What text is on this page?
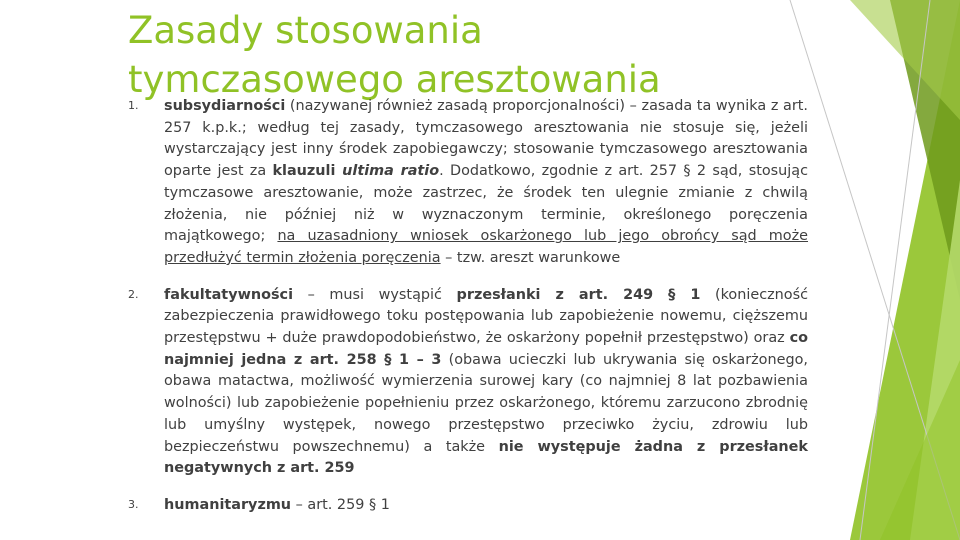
Zasady stosowania tymczasowego aresztowania
1. subsydiarności (nazywanej również zasadą proporcjonalności) – zasada ta wynika z art. 257 k.p.k.; według tej zasady, tymczasowego aresztowania nie stosuje się, jeżeli wystarczający jest inny środek zapobiegawczy; stosowanie tymczasowego aresztowania oparte jest za klauzuli ultima ratio. Dodatkowo, zgodnie z art. 257 § 2 sąd, stosując tymczasowe aresztowanie, może zastrzec, że środek ten ulegnie zmianie z chwilą złożenia, nie później niż w wyznaczonym terminie, określonego poręczenia majątkowego; na uzasadniony wniosek oskarżonego lub jego obrońcy sąd może przedłużyć termin złożenia poręczenia – tzw. areszt warunkowe
2. fakultatywności – musi wystąpić przesłanki z art. 249 § 1 (konieczność zabezpieczenia prawidłowego toku postępowania lub zapobieżenie nowemu, cięższemu przestępstwu + duże prawdopodobieństwo, że oskarżony popełnił przestępstwo) oraz co najmniej jedna z art. 258 § 1 – 3 (obawa ucieczki lub ukrywania się oskarżonego, obawa matactwa, możliwość wymierzenia surowej kary (co najmniej 8 lat pozbawienia wolności) lub zapobieżenie popełnieniu przez oskarżonego, któremu zarzucono zbrodnię lub umyślny występek, nowego przestępstwo przeciwko życiu, zdrowiu lub bezpieczeństwu powszechnemu) a także nie występuje żadna z przesłanek negatywnych z art. 259
3. humanitaryzmu – art. 259 § 1
